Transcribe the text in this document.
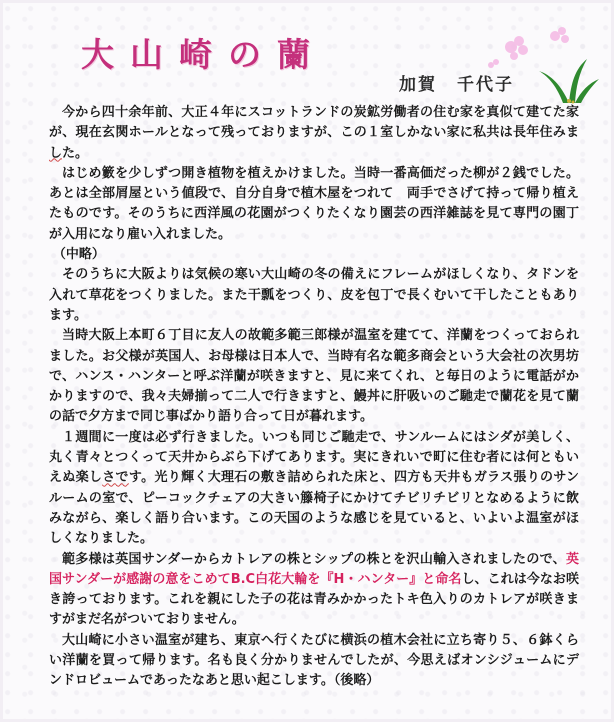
大山崎の蘭
加賀 千代子

今から四十余年前、大正４年にスコットランドの炭鉱労働者の住む家を真似て建てた家が、現在玄関ホールとなって残っておりますが、この１室しかない家に私共は長年住みました。

はじめ籔を少しずつ開き植物を植えかけました。当時一番高価だった柳が２銭でした。あとは全部屑屋という値段で、自分自身で植木屋をつれて　両手でさげて持って帰り植えたものです。そのうちに西洋風の花園がつくりたくなり園芸の西洋雑誌を見て専門の園丁が入用になり雇い入れました。

（中略）

そのうちに大阪よりは気候の寒い大山崎の冬の備えにフレームがほしくなり、タドンを入れて草花をつくりました。また干瓢をつくり、皮を包丁で長くむいて干したこともあります。

当時大阪上本町６丁目に友人の故範多範三郎様が温室を建てて、洋蘭をつくっておられました。お父様が英国人、お母様は日本人で、当時有名な範多商会という大会社の次男坊で、ハンス・ハンターと呼ぶ洋蘭が咲きますと、見に来てくれ、と毎日のように電話がかかりますので、我々夫婦揃って二人で行きますと、鰻丼に肝吸いのご馳走で蘭花を見て蘭の話で夕方まで同じ事ばかり語り合って日が暮れます。

１週間に一度は必ず行きました。いつも同じご馳走で、サンルームにはシダが美しく、丸く青々とつくって天井からぶら下げてあります。実にきれいで町に住む者には何ともいえぬ楽しさです。光り輝く大理石の敷き詰められた床と、四方も天井もガラス張りのサンルームの室で、ピーコックチェアの大きい籐椅子にかけてチビリチビリとなめるように飲みながら、楽しく語り合います。この天国のような感じを見ていると、いよいよ温室がほしくなりました。

範多様は英国サンダーからカトレアの株とシップの株とを沢山輸入されましたので、英国サンダーが感謝の意をこめてB.C白花大輪を『H・ハンター』と命名し、これは今なお咲き誇っております。これを親にした子の花は青みかかったトキ色入りのカトレアが咲きますがまだ名がついておりません。

大山崎に小さい温室が建ち、東京へ行くたびに横浜の植木会社に立ち寄り５、６鉢くらい洋蘭を買って帰ります。名も良く分かりませんでしたが、今思えばオンシジュームにデンドロビュームであったなあと思い起こします。（後略）
